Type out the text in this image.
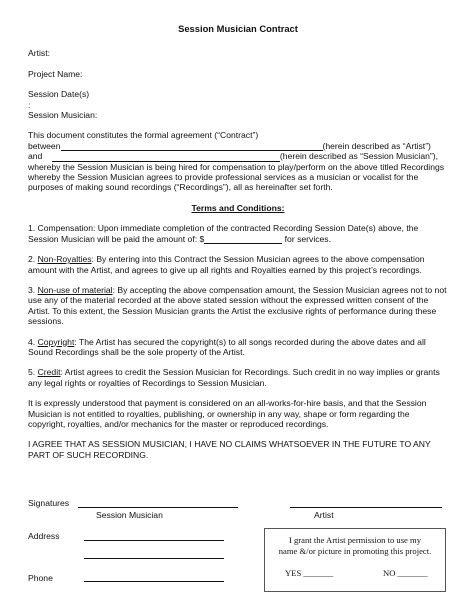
Session Musician Contract

Artist:

Project Name:

Session Date(s)

:

Session Musician:

This document constitutes the formal agreement (“Contract”)

between	(herein described as “Artist”)

and	(herein described as “Session Musician”),

whereby the Session Musician is being hired for compensation to play/perform on the above titled Recordings whereby the Session Musician agrees to provide professional services as a musician or vocalist for the purposes of making sound recordings (“Recordings”), all as hereinafter set forth.

Terms and Conditions:

1. Compensation: Upon immediate completion of the contracted Recording Session Date(s) above, the Session Musician will be paid the amount of: $	for services.

2. Non-Royalties: By entering into this Contract the Session Musician agrees to the above compensation amount with the Artist, and agrees to give up all rights and Royalties earned by this project’s recordings.

3. Non-use of material: By accepting the above compensation amount, the Session Musician agrees not to not use any of the material recorded at the above stated session without the expressed written consent of the Artist. To this extent, the Session Musician grants the Artist the exclusive rights of performance during these sessions.

4. Copyright: The Artist has secured the copyright(s) to all songs recorded during the above dates and all Sound Recordings shall be the sole property of the Artist.

5. Credit: Artist agrees to credit the Session Musician for Recordings. Such credit in no way implies or grants any legal rights or royalties of Recordings to Session Musician.

It is expressly understood that payment is considered on an all-works-for-hire basis, and that the Session Musician is not entitled to royalties, publishing, or ownership in any way, shape or form regarding the copyright, royalties, and/or mechanics for the master or reproduced recordings.

I AGREE THAT AS SESSION MUSICIAN, I HAVE NO CLAIMS WHATSOEVER IN THE FUTURE TO ANY PART OF SUCH RECORDING.

Signatures
Session Musician	Artist
Address
Phone
I grant the Artist permission to use my
name &/or picture in promoting this project.
YES _______	NO _______
